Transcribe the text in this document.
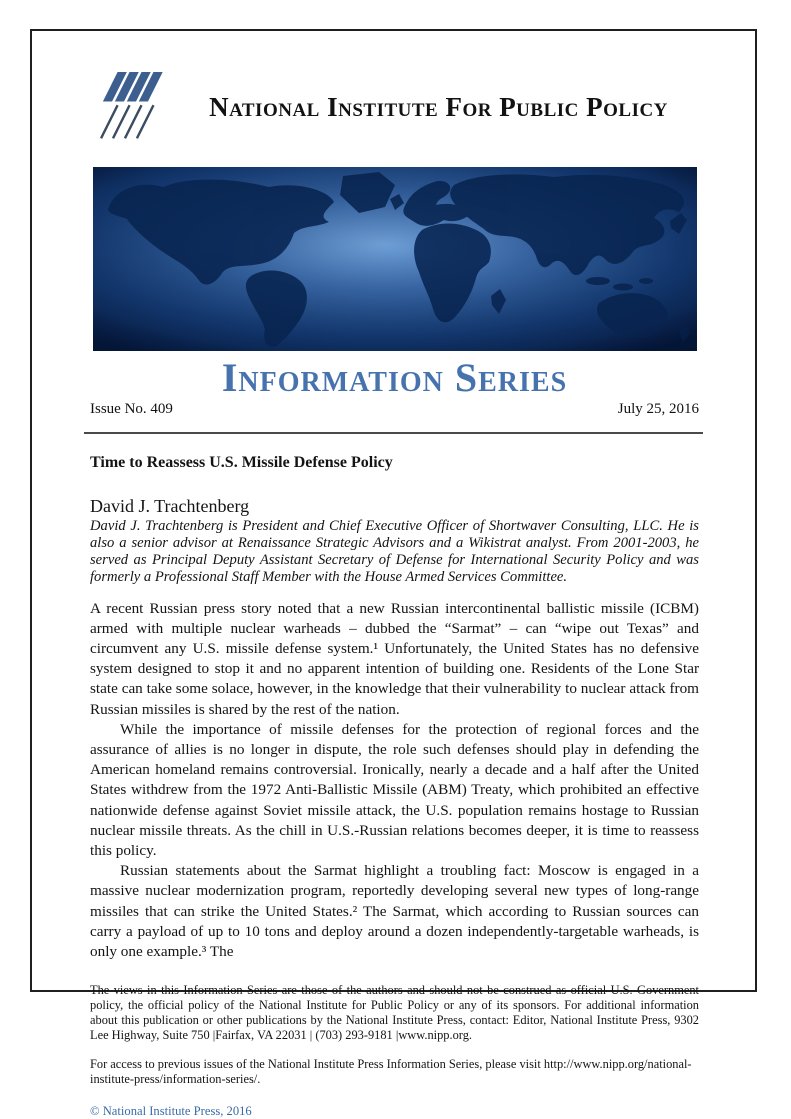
National Institute For Public Policy
Information Series
Issue No. 409	July 25, 2016
Time to Reassess U.S. Missile Defense Policy
David J. Trachtenberg
David J. Trachtenberg is President and Chief Executive Officer of Shortwaver Consulting, LLC. He is also a senior advisor at Renaissance Strategic Advisors and a Wikistrat analyst. From 2001-2003, he served as Principal Deputy Assistant Secretary of Defense for International Security Policy and was formerly a Professional Staff Member with the House Armed Services Committee.

A recent Russian press story noted that a new Russian intercontinental ballistic missile (ICBM) armed with multiple nuclear warheads – dubbed the “Sarmat” – can “wipe out Texas” and circumvent any U.S. missile defense system.¹ Unfortunately, the United States has no defensive system designed to stop it and no apparent intention of building one. Residents of the Lone Star state can take some solace, however, in the knowledge that their vulnerability to nuclear attack from Russian missiles is shared by the rest of the nation.

While the importance of missile defenses for the protection of regional forces and the assurance of allies is no longer in dispute, the role such defenses should play in defending the American homeland remains controversial. Ironically, nearly a decade and a half after the United States withdrew from the 1972 Anti-Ballistic Missile (ABM) Treaty, which prohibited an effective nationwide defense against Soviet missile attack, the U.S. population remains hostage to Russian nuclear missile threats. As the chill in U.S.-Russian relations becomes deeper, it is time to reassess this policy.

Russian statements about the Sarmat highlight a troubling fact: Moscow is engaged in a massive nuclear modernization program, reportedly developing several new types of long-range missiles that can strike the United States.² The Sarmat, which according to Russian sources can carry a payload of up to 10 tons and deploy around a dozen independently-targetable warheads, is only one example.³ The

The views in this Information Series are those of the authors and should not be construed as official U.S. Government policy, the official policy of the National Institute for Public Policy or any of its sponsors. For additional information about this publication or other publications by the National Institute Press, contact: Editor, National Institute Press, 9302 Lee Highway, Suite 750 |Fairfax, VA 22031 | (703) 293-9181 |www.nipp.org.
For access to previous issues of the National Institute Press Information Series, please visit http://www.nipp.org/national-institute-press/information-series/.
© National Institute Press, 2016
